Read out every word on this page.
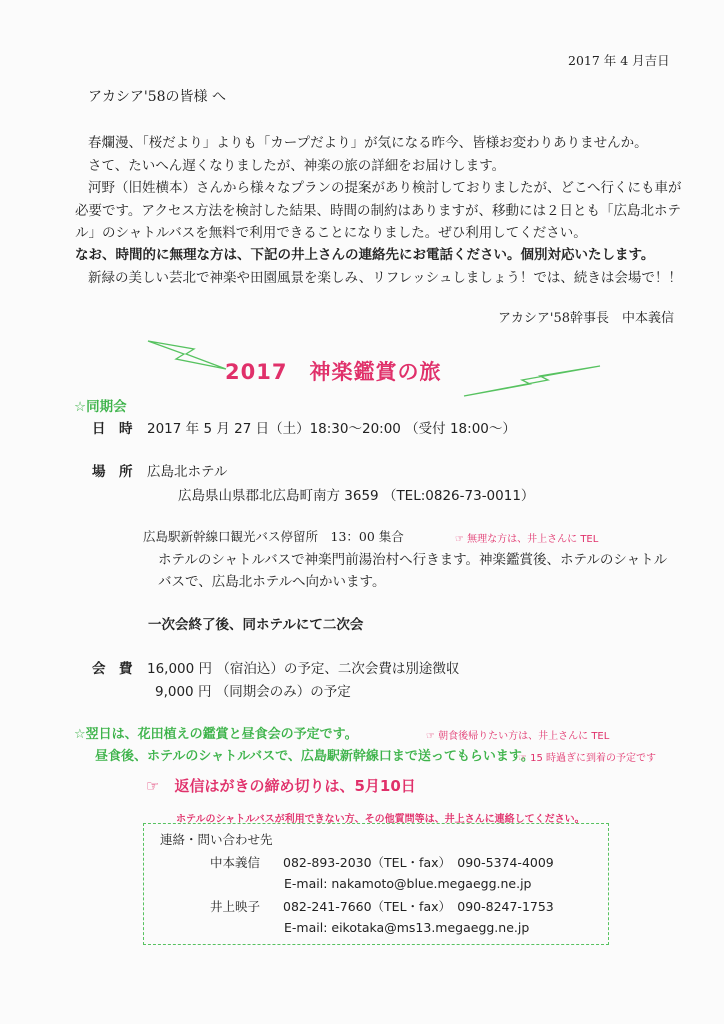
2017 年 4 月吉日
アカシア'58の皆様 へ
春爛漫、「桜だより」よりも「カープだより」が気になる昨今、皆様お変わりありませんか。
さて、たいへん遅くなりましたが、神楽の旅の詳細をお届けします。
河野（旧姓横本）さんから様々なプランの提案があり検討しておりましたが、どこへ行くにも車が
必要です。アクセス方法を検討した結果、時間の制約はありますが、移動には２日とも「広島北ホテ
ル」のシャトルバスを無料で利用できることになりました。ぜひ利用してください。
なお、時間的に無理な方は、下記の井上さんの連絡先にお電話ください。個別対応いたします。
新緑の美しい芸北で神楽や田園風景を楽しみ、リフレッシュしましょう！では、続きは会場で！！
アカシア'58幹事長　中本義信
2017　神楽鑑賞の旅
☆同期会
日　時 2017 年 5 月 27 日（土）18:30～20:00 （受付 18:00～）
場　所 広島北ホテル
広島県山県郡北広島町南方 3659 （TEL:0826-73-0011）
広島駅新幹線口観光バス停留所　13：00 集合	☞ 無理な方は、井上さんに TEL
ホテルのシャトルバスで神楽門前湯治村へ行きます。神楽鑑賞後、ホテルのシャトル
バスで、広島北ホテルへ向かいます。
一次会終了後、同ホテルにて二次会
会　費 16,000 円 （宿泊込）の予定、二次会費は別途徴収
9,000 円 （同期会のみ）の予定
☆翌日は、花田植えの鑑賞と昼食会の予定です。	☞ 朝食後帰りたい方は、井上さんに TEL
昼食後、ホテルのシャトルバスで、広島駅新幹線口まで送ってもらいます。
☞ 15 時過ぎに到着の予定です
☞　返信はがきの締め切りは、5月10日
ホテルのシャトルバスが利用できない方、その他質問等は、井上さんに連絡してください。
連絡・問い合わせ先
中本義信 082-893-2030（TEL・fax）　090-5374-4009
E-mail: nakamoto@blue.megaegg.ne.jp
井上映子 082-241-7660（TEL・fax）　090-8247-1753
E-mail: eikotaka@ms13.megaegg.ne.jp
